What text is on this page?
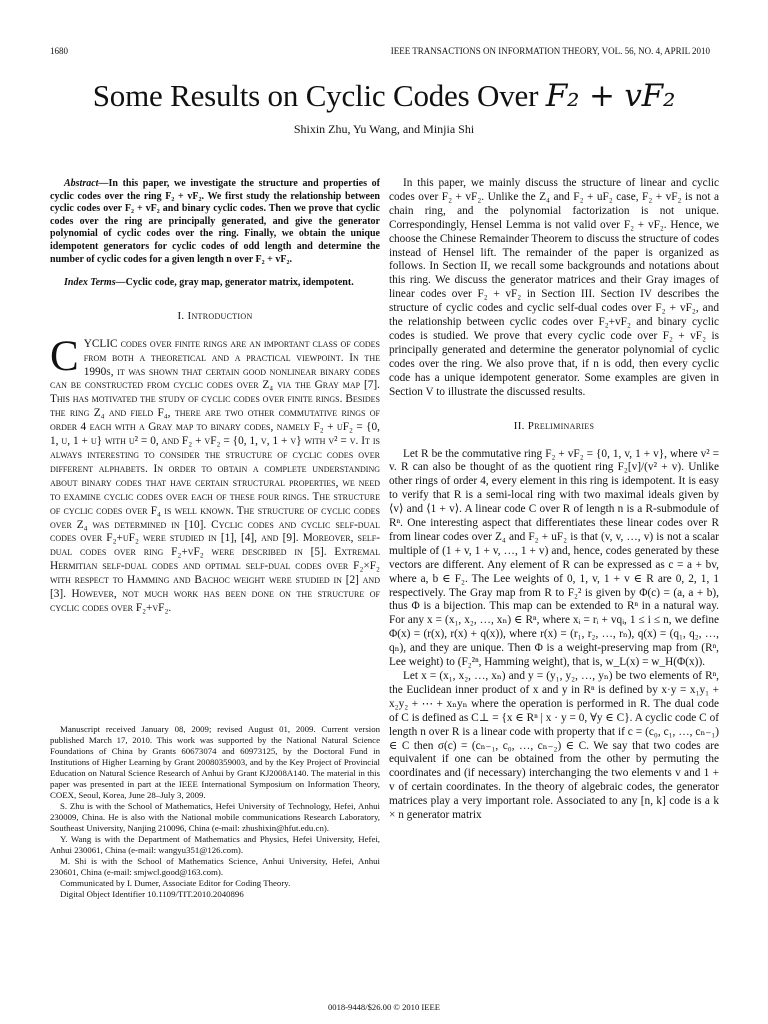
1680	IEEE TRANSACTIONS ON INFORMATION THEORY, VOL. 56, NO. 4, APRIL 2010
Some Results on Cyclic Codes Over F₂ + vF₂
Shixin Zhu, Yu Wang, and Minjia Shi

Abstract—In this paper, we investigate the structure and properties of cyclic codes over the ring F₂ + vF₂. We first study the relationship between cyclic codes over F₂ + vF₂ and binary cyclic codes. Then we prove that cyclic codes over the ring are principally generated, and give the generator polynomial of cyclic codes over the ring. Finally, we obtain the unique idempotent generators for cyclic codes of odd length and determine the number of cyclic codes for a given length n over F₂ + vF₂.

Index Terms—Cyclic code, gray map, generator matrix, idempotent.

I. Introduction

CYCLIC codes over finite rings are an important class of codes from both a theoretical and a practical viewpoint. In the 1990s, it was shown that certain good nonlinear binary codes can be constructed from cyclic codes over Z₄ via the Gray map [7]. This has motivated the study of cyclic codes over finite rings. Besides the ring Z₄ and field F₄, there are two other commutative rings of order 4 each with a Gray map to binary codes, namely F₂ + uF₂ = {0, 1, u, 1 + u} with u² = 0, and F₂ + vF₂ = {0, 1, v, 1 + v} with v² = v. It is always interesting to consider the structure of cyclic codes over different alphabets. In order to obtain a complete understanding about binary codes that have certain structural properties, we need to examine cyclic codes over each of these four rings. The structure of cyclic codes over F₄ is well known. The structure of cyclic codes over Z₄ was determined in [10]. Cyclic codes and cyclic self-dual codes over F₂+uF₂ were studied in [1], [4], and [9]. Moreover, self-dual codes over ring F₂+vF₂ were described in [5]. Extremal Hermitian self-dual codes and optimal self-dual codes over F₂×F₂ with respect to Hamming and Bachoc weight were studied in [2] and [3]. However, not much work has been done on the structure of cyclic codes over F₂+vF₂.

Manuscript received January 08, 2009; revised August 01, 2009. Current version published March 17, 2010. This work was supported by the National Natural Science Foundations of China by Grants 60673074 and 60973125, by the Doctoral Fund in Institutions of Higher Learning by Grant 20080359003, and by the Key Project of Provincial Education on Natural Science Research of Anhui by Grant KJ2008A140. The material in this paper was presented in part at the IEEE International Symposium on Information Theory, COEX, Seoul, Korea, June 28–July 3, 2009.

S. Zhu is with the School of Mathematics, Hefei University of Technology, Hefei, Anhui 230009, China. He is also with the National mobile communications Research Laboratory, Southeast University, Nanjing 210096, China (e-mail: zhushixin@hfut.edu.cn).

Y. Wang is with the Department of Mathematics and Physics, Hefei University, Hefei, Anhui 230061, China (e-mail: wangyu351@126.com).

M. Shi is with the School of Mathematics Science, Anhui University, Hefei, Anhui 230601, China (e-mail: smjwcl.good@163.com).

Communicated by I. Dumer, Associate Editor for Coding Theory.

Digital Object Identifier 10.1109/TIT.2010.2040896

In this paper, we mainly discuss the structure of linear and cyclic codes over F₂ + vF₂. Unlike the Z₄ and F₂ + uF₂ case, F₂ + vF₂ is not a chain ring, and the polynomial factorization is not unique. Correspondingly, Hensel Lemma is not valid over F₂ + vF₂. Hence, we choose the Chinese Remainder Theorem to discuss the structure of codes instead of Hensel lift. The remainder of the paper is organized as follows. In Section II, we recall some backgrounds and notations about this ring. We discuss the generator matrices and their Gray images of linear codes over F₂ + vF₂ in Section III. Section IV describes the structure of cyclic codes and cyclic self-dual codes over F₂ + vF₂, and the relationship between cyclic codes over F₂+vF₂ and binary cyclic codes is studied. We prove that every cyclic code over F₂ + vF₂ is principally generated and determine the generator polynomial of cyclic codes over the ring. We also prove that, if n is odd, then every cyclic code has a unique idempotent generator. Some examples are given in Section V to illustrate the discussed results.

II. Preliminaries

Let R be the commutative ring F₂ + vF₂ = {0, 1, v, 1 + v}, where v² = v. R can also be thought of as the quotient ring F₂[v]/(v² + v). Unlike other rings of order 4, every element in this ring is idempotent. It is easy to verify that R is a semi-local ring with two maximal ideals given by ⟨v⟩ and ⟨1 + v⟩. A linear code C over R of length n is a R-submodule of Rⁿ. One interesting aspect that differentiates these linear codes over R from linear codes over Z₄ and F₂ + uF₂ is that (v, v, …, v) is not a scalar multiple of (1 + v, 1 + v, …, 1 + v) and, hence, codes generated by these vectors are different. Any element of R can be expressed as c = a + bv, where a, b ∈ F₂. The Lee weights of 0, 1, v, 1 + v ∈ R are 0, 2, 1, 1 respectively. The Gray map from R to F₂² is given by Φ(c) = (a, a + b), thus Φ is a bijection. This map can be extended to Rⁿ in a natural way. For any x = (x₁, x₂, …, xₙ) ∈ Rⁿ, where xᵢ = rᵢ + vqᵢ, 1 ≤ i ≤ n, we define Φ(x) = (r(x), r(x) + q(x)), where r(x) = (r₁, r₂, …, rₙ), q(x) = (q₁, q₂, …, qₙ), and they are unique. Then Φ is a weight-preserving map from (Rⁿ, Lee weight) to (F₂²ⁿ, Hamming weight), that is, w_L(x) = w_H(Φ(x)).

Let x = (x₁, x₂, …, xₙ) and y = (y₁, y₂, …, yₙ) be two elements of Rⁿ, the Euclidean inner product of x and y in Rⁿ is defined by x·y = x₁y₁ + x₂y₂ + ⋯ + xₙyₙ where the operation is performed in R. The dual code of C is defined as C⊥ = {x ∈ Rⁿ | x · y = 0, ∀y ∈ C}. A cyclic code C of length n over R is a linear code with property that if c = (c₀, c₁, …, cₙ₋₁) ∈ C then σ(c) = (cₙ₋₁, c₀, …, cₙ₋₂) ∈ C. We say that two codes are equivalent if one can be obtained from the other by permuting the coordinates and (if necessary) interchanging the two elements v and 1 + v of certain coordinates. In the theory of algebraic codes, the generator matrices play a very important role. Associated to any [n, k] code is a k × n generator matrix

0018-9448/$26.00 © 2010 IEEE
